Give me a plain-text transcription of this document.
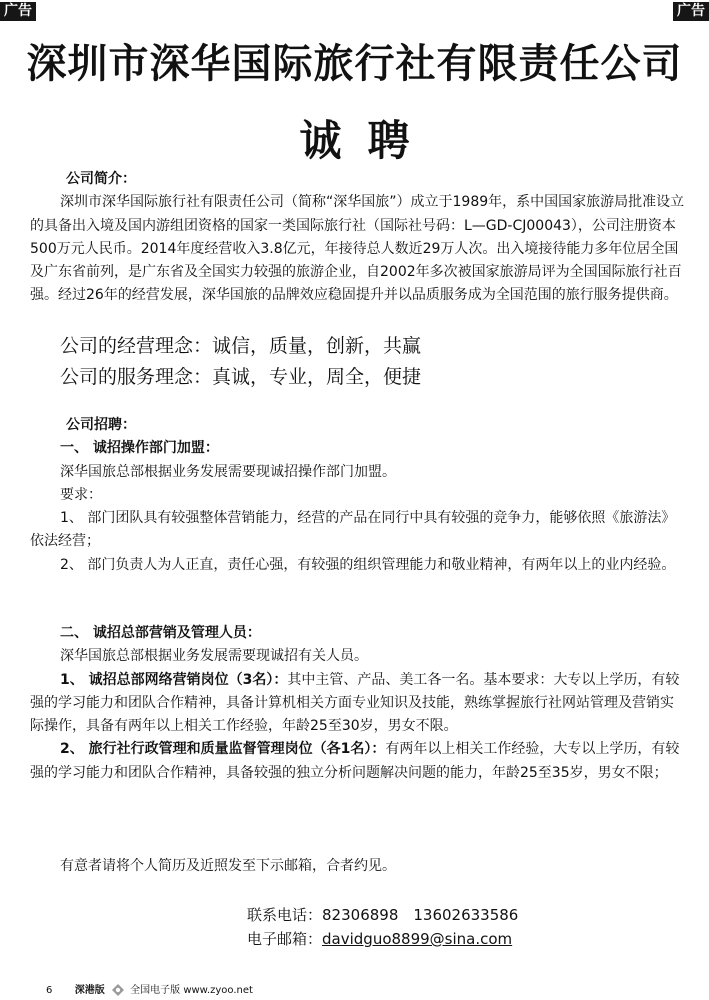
广告	广告
深圳市深华国际旅行社有限责任公司
诚聘
公司简介：
深圳市深华国际旅行社有限责任公司（简称“深华国旅”）成立于1989年，系中国国家旅游局批准设立的具备出入境及国内游组团资格的国家一类国际旅行社（国际社号码：L—GD-CJ00043），公司注册资本500万元人民币。2014年度经营收入3.8亿元，年接待总人数近29万人次。出入境接待能力多年位居全国及广东省前列，是广东省及全国实力较强的旅游企业，自2002年多次被国家旅游局评为全国国际旅行社百强。经过26年的经营发展，深华国旅的品牌效应稳固提升并以品质服务成为全国范围的旅行服务提供商。
公司的经营理念：诚信，质量，创新，共赢
公司的服务理念：真诚，专业，周全，便捷
公司招聘：
一、 诚招操作部门加盟：
深华国旅总部根据业务发展需要现诚招操作部门加盟。
要求：
1、 部门团队具有较强整体营销能力，经营的产品在同行中具有较强的竞争力，能够依照《旅游法》依法经营；
2、 部门负责人为人正直，责任心强，有较强的组织管理能力和敬业精神，有两年以上的业内经验。
二、 诚招总部营销及管理人员：
深华国旅总部根据业务发展需要现诚招有关人员。
1、 诚招总部网络营销岗位（3名）：其中主管、产品、美工各一名。基本要求：大专以上学历，有较强的学习能力和团队合作精神，具备计算机相关方面专业知识及技能，熟练掌握旅行社网站管理及营销实际操作，具备有两年以上相关工作经验，年龄25至30岁，男女不限。
2、 旅行社行政管理和质量监督管理岗位（各1名）：有两年以上相关工作经验，大专以上学历，有较强的学习能力和团队合作精神，具备较强的独立分析问题解决问题的能力，年龄25至35岁，男女不限；
有意者请将个人简历及近照发至下示邮箱，合者约见。
联系电话：82306898　13602633586
电子邮箱：davidguo8899@sina.com
6 深港版	全国电子版 www.zyoo.net
